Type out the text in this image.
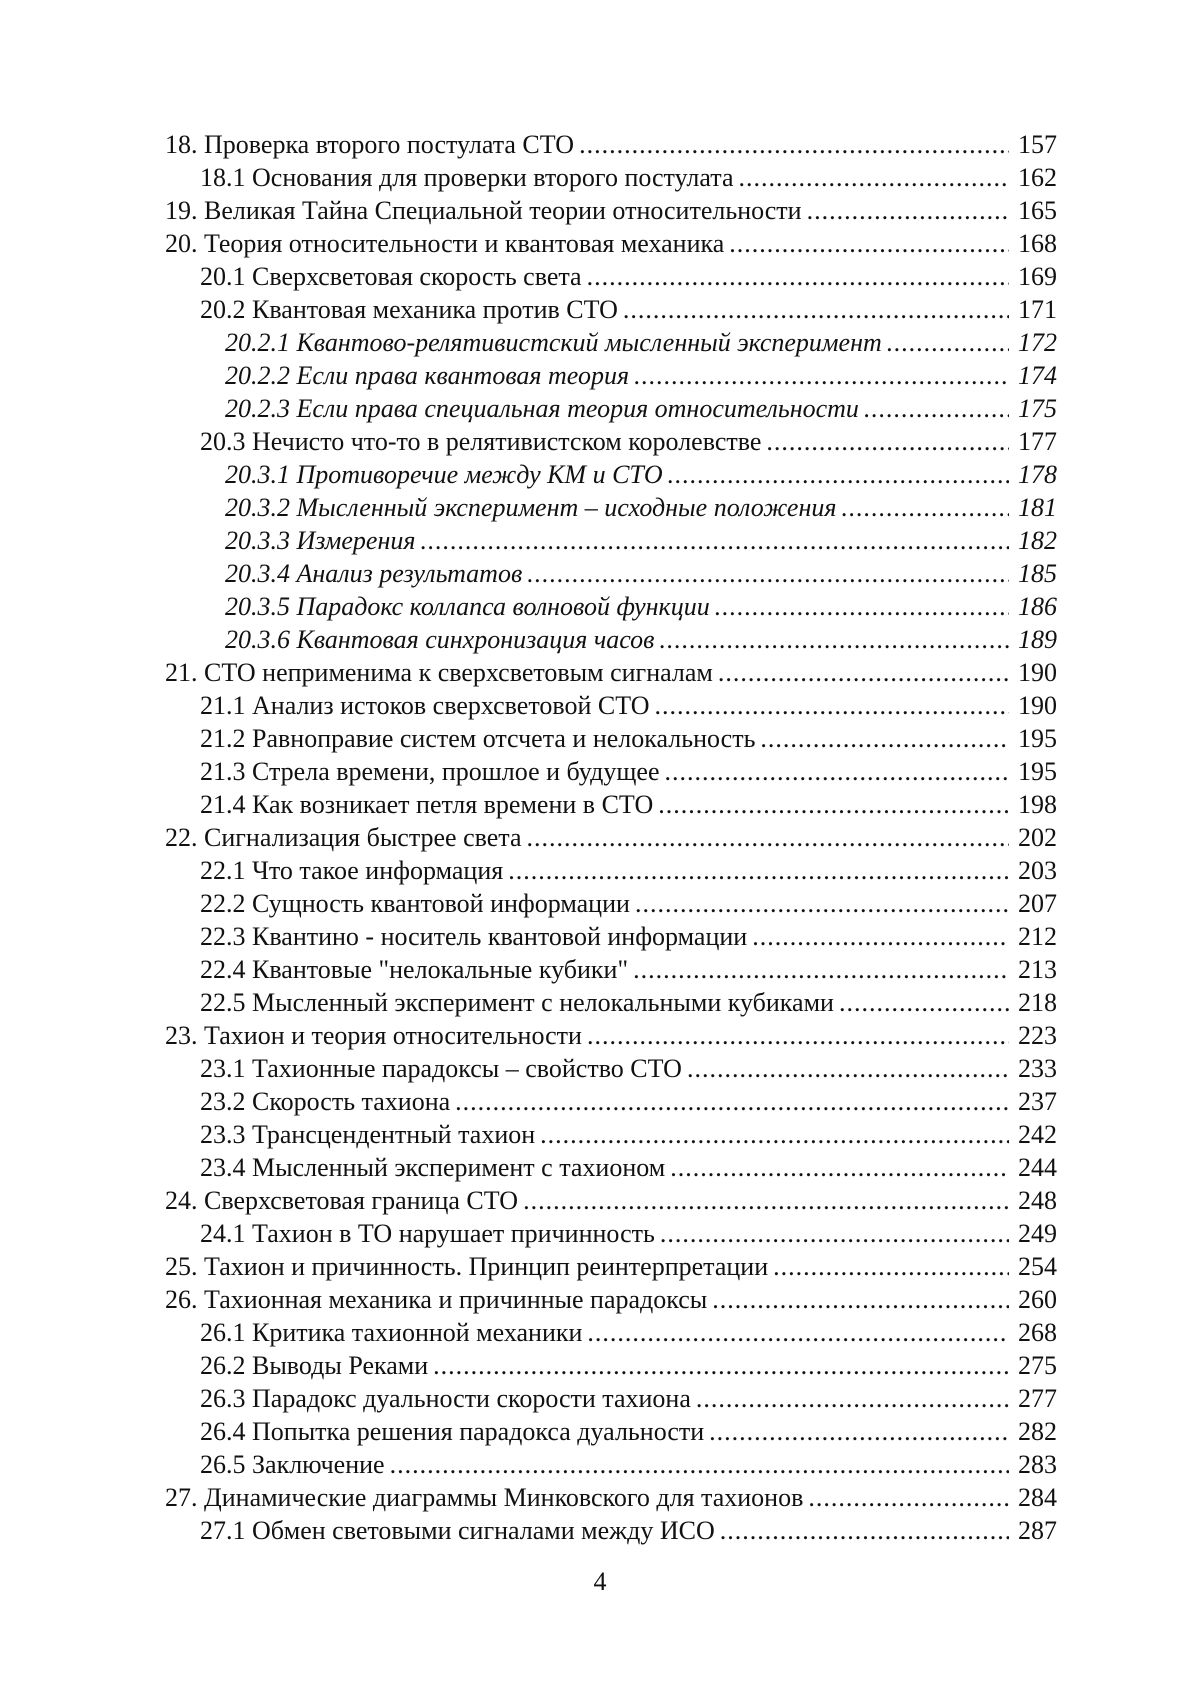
18. Проверка второго постулата СТО .....	157
18.1 Основания для проверки второго постулата .....	162
19. Великая Тайна Специальной теории относительности .....	165
20. Теория относительности и квантовая механика .....	168
20.1 Сверхсветовая скорость света .....	169
20.2 Квантовая механика против СТО .....	171
20.2.1 Квантово-релятивистский мысленный эксперимент .....	172
20.2.2 Если права квантовая теория .....	174
20.2.3 Если права специальная теория относительности .....	175
20.3 Нечисто что-то в релятивистском королевстве .....	177
20.3.1 Противоречие между КМ и СТО .....	178
20.3.2 Мысленный эксперимент – исходные положения .....	181
20.3.3 Измерения .....	182
20.3.4 Анализ результатов .....	185
20.3.5 Парадокс коллапса волновой функции .....	186
20.3.6 Квантовая синхронизация часов .....	189
21. СТО неприменима к сверхсветовым сигналам .....	190
21.1 Анализ истоков сверхсветовой СТО .....	190
21.2 Равноправие систем отсчета и нелокальность .....	195
21.3 Стрела времени, прошлое и будущее .....	195
21.4 Как возникает петля времени в СТО .....	198
22. Сигнализация быстрее света .....	202
22.1 Что такое информация .....	203
22.2 Сущность квантовой информации .....	207
22.3 Квантино - носитель квантовой информации .....	212
22.4 Квантовые "нелокальные кубики" .....	213
22.5 Мысленный эксперимент с нелокальными кубиками .....	218
23. Тахион и теория относительности .....	223
23.1 Тахионные парадоксы – свойство СТО .....	233
23.2 Скорость тахиона .....	237
23.3 Трансцендентный тахион .....	242
23.4 Мысленный эксперимент с тахионом .....	244
24. Сверхсветовая граница СТО .....	248
24.1 Тахион в ТО нарушает причинность .....	249
25. Тахион и причинность. Принцип реинтерпретации .....	254
26. Тахионная механика и причинные парадоксы .....	260
26.1 Критика тахионной механики .....	268
26.2 Выводы Реками .....	275
26.3 Парадокс дуальности скорости тахиона .....	277
26.4 Попытка решения парадокса дуальности .....	282
26.5 Заключение .....	283
27. Динамические диаграммы Минковского для тахионов .....	284
27.1 Обмен световыми сигналами между ИСО .....	287
4
